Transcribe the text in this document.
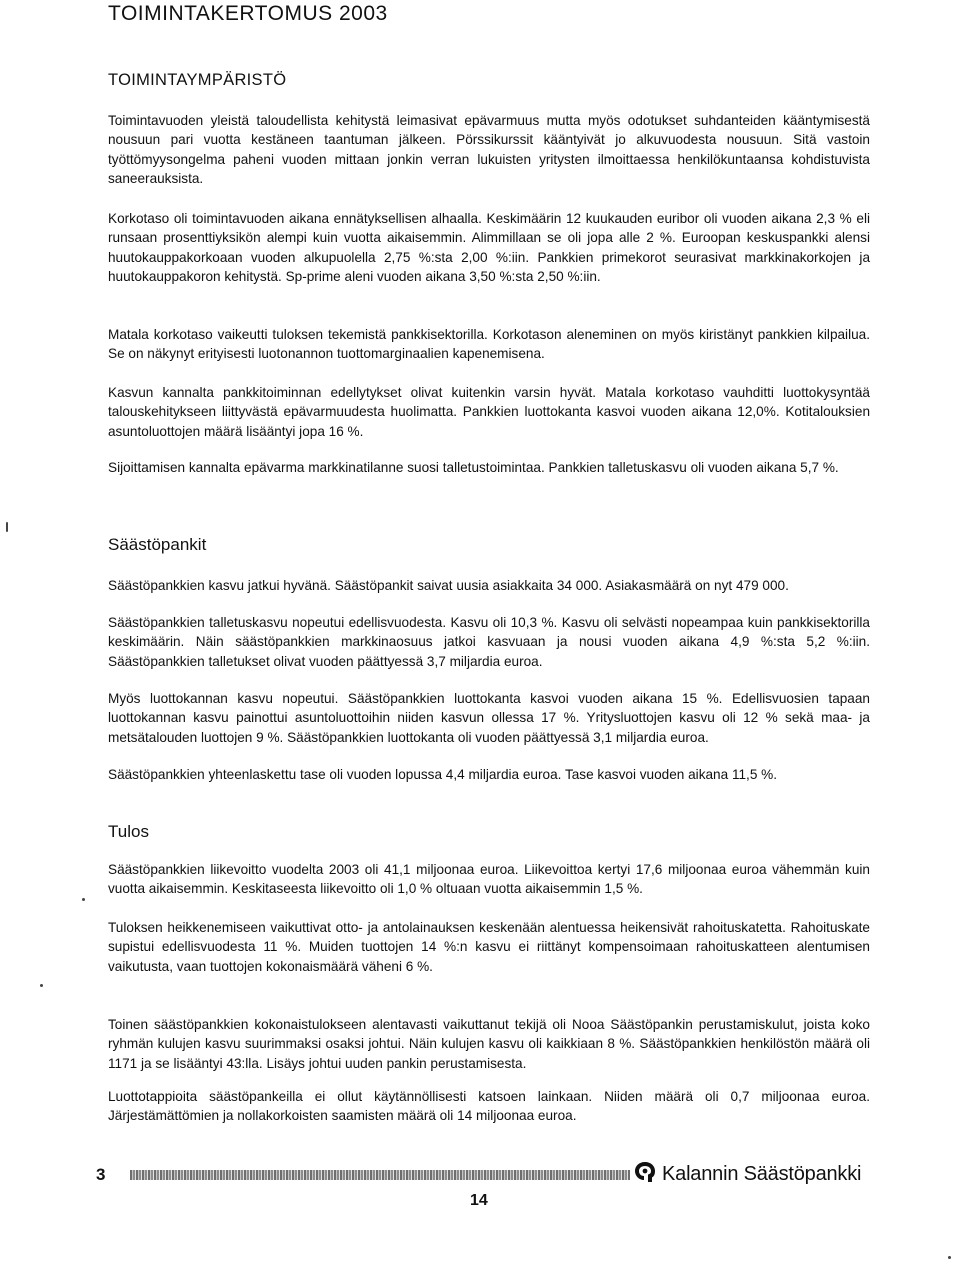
TOIMINTAKERTOMUS 2003
TOIMINTAYMPÄRISTÖ

Toimintavuoden yleistä taloudellista kehitystä leimasivat epävarmuus mutta myös odotukset suhdanteiden kääntymisestä nousuun pari vuotta kestäneen taantuman jälkeen. Pörssikurssit kääntyivät jo alkuvuodesta nousuun. Sitä vastoin työttömyysongelma paheni vuoden mittaan jonkin verran lukuisten yritysten ilmoittaessa henkilökuntaansa kohdistuvista saneerauksista.

Korkotaso oli toimintavuoden aikana ennätyksellisen alhaalla. Keskimäärin 12 kuukauden euribor oli vuoden aikana 2,3 % eli runsaan prosenttiyksikön alempi kuin vuotta aikaisemmin. Alimmillaan se oli jopa alle 2 %. Euroopan keskuspankki alensi huutokauppakorkoaan vuoden alkupuolella 2,75 %:sta 2,00 %:iin. Pankkien primekorot seurasivat markkinakorkojen ja huutokauppakoron kehitystä. Sp-prime aleni vuoden aikana 3,50 %:sta 2,50 %:iin.

Matala korkotaso vaikeutti tuloksen tekemistä pankkisektorilla. Korkotason aleneminen on myös kiristänyt pankkien kilpailua. Se on näkynyt erityisesti luotonannon tuottomarginaalien kapenemisena.

Kasvun kannalta pankkitoiminnan edellytykset olivat kuitenkin varsin hyvät. Matala korkotaso vauhditti luottokysyntää talouskehitykseen liittyvästä epävarmuudesta huolimatta. Pankkien luottokanta kasvoi vuoden aikana 12,0%. Kotitalouksien asuntoluottojen määrä lisääntyi jopa 16 %.

Sijoittamisen kannalta epävarma markkinatilanne suosi talletustoimintaa. Pankkien talletuskasvu oli vuoden aikana 5,7 %.

Säästöpankit

Säästöpankkien kasvu jatkui hyvänä. Säästöpankit saivat uusia asiakkaita 34 000. Asiakasmäärä on nyt 479 000.

Säästöpankkien talletuskasvu nopeutui edellisvuodesta. Kasvu oli 10,3 %. Kasvu oli selvästi nopeampaa kuin pankkisektorilla keskimäärin. Näin säästöpankkien markkinaosuus jatkoi kasvuaan ja nousi vuoden aikana 4,9 %:sta 5,2 %:iin. Säästöpankkien talletukset olivat vuoden päättyessä 3,7 miljardia euroa.

Myös luottokannan kasvu nopeutui. Säästöpankkien luottokanta kasvoi vuoden aikana 15 %. Edellisvuosien tapaan luottokannan kasvu painottui asuntoluottoihin niiden kasvun ollessa 17 %. Yritysluottojen kasvu oli 12 % sekä maa- ja metsätalouden luottojen 9 %. Säästöpankkien luottokanta oli vuoden päättyessä 3,1 miljardia euroa.

Säästöpankkien yhteenlaskettu tase oli vuoden lopussa 4,4 miljardia euroa. Tase kasvoi vuoden aikana 11,5 %.

Tulos

Säästöpankkien liikevoitto vuodelta 2003 oli 41,1 miljoonaa euroa. Liikevoittoa kertyi 17,6 miljoonaa euroa vähemmän kuin vuotta aikaisemmin. Keskitaseesta liikevoitto oli 1,0 % oltuaan vuotta aikaisemmin 1,5 %.

Tuloksen heikkenemiseen vaikuttivat otto- ja antolainauksen keskenään alentuessa heikensivät rahoituskatetta. Rahoituskate supistui edellisvuodesta 11 %. Muiden tuottojen 14 %:n kasvu ei riittänyt kompensoimaan rahoituskatteen alentumisen vaikutusta, vaan tuottojen kokonaismäärä väheni 6 %.

Toinen säästöpankkien kokonaistulokseen alentavasti vaikuttanut tekijä oli Nooa Säästöpankin perustamiskulut, joista koko ryhmän kulujen kasvu suurimmaksi osaksi johtui. Näin kulujen kasvu oli kaikkiaan 8 %. Säästöpankkien henkilöstön määrä oli 1171 ja se lisääntyi 43:lla. Lisäys johtui uuden pankin perustamisesta.

Luottotappioita säästöpankeilla ei ollut käytännöllisesti katsoen lainkaan. Niiden määrä oli 0,7 miljoonaa euroa. Järjestämättömien ja nollakorkoisten saamisten määrä oli 14 miljoonaa euroa.

3	Kalannin Säästöpankki

14
